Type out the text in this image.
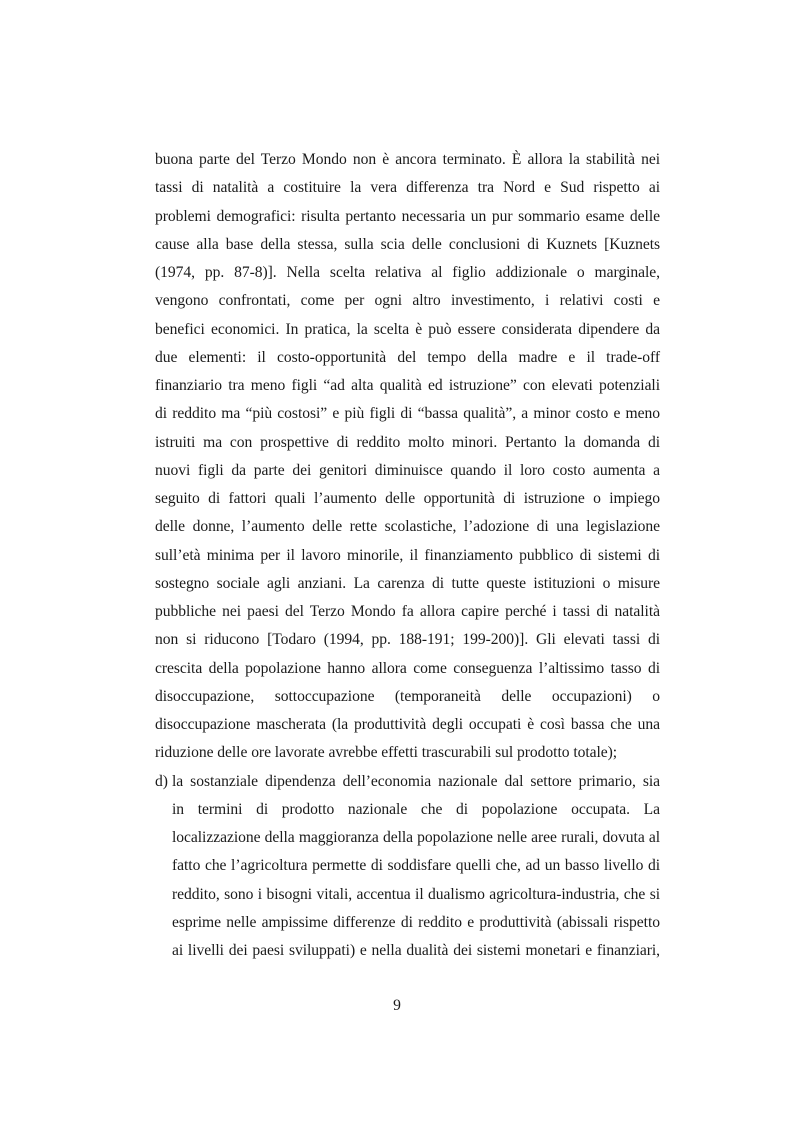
buona parte del Terzo Mondo non è ancora terminato. È allora la stabilità nei
tassi di natalità a costituire la vera differenza tra Nord e Sud rispetto ai
problemi demografici: risulta pertanto necessaria un pur sommario esame delle
cause alla base della stessa, sulla scia delle conclusioni di Kuznets [Kuznets
(1974, pp. 87-8)]. Nella scelta relativa al figlio addizionale o marginale,
vengono confrontati, come per ogni altro investimento, i relativi costi e
benefici economici. In pratica, la scelta è può essere considerata dipendere da
due elementi: il costo-opportunità del tempo della madre e il trade-off
finanziario tra meno figli “ad alta qualità ed istruzione” con elevati potenziali
di reddito ma “più costosi” e più figli di “bassa qualità”, a minor costo e meno
istruiti ma con prospettive di reddito molto minori. Pertanto la domanda di
nuovi figli da parte dei genitori diminuisce quando il loro costo aumenta a
seguito di fattori quali l’aumento delle opportunità di istruzione o impiego
delle donne, l’aumento delle rette scolastiche, l’adozione di una legislazione
sull’età minima per il lavoro minorile, il finanziamento pubblico di sistemi di
sostegno sociale agli anziani. La carenza di tutte queste istituzioni o misure
pubbliche nei paesi del Terzo Mondo fa allora capire perché i tassi di natalità
non si riducono [Todaro (1994, pp. 188-191; 199-200)]. Gli elevati tassi di
crescita della popolazione hanno allora come conseguenza l’altissimo tasso di
disoccupazione, sottoccupazione (temporaneità delle occupazioni) o
disoccupazione mascherata (la produttività degli occupati è così bassa che una
riduzione delle ore lavorate avrebbe effetti trascurabili sul prodotto totale);
d) la sostanziale dipendenza dell’economia nazionale dal settore primario, sia
in termini di prodotto nazionale che di popolazione occupata. La
localizzazione della maggioranza della popolazione nelle aree rurali, dovuta al
fatto che l’agricoltura permette di soddisfare quelli che, ad un basso livello di
reddito, sono i bisogni vitali, accentua il dualismo agricoltura-industria, che si
esprime nelle ampissime differenze di reddito e produttività (abissali rispetto
ai livelli dei paesi sviluppati) e nella dualità dei sistemi monetari e finanziari,
9
